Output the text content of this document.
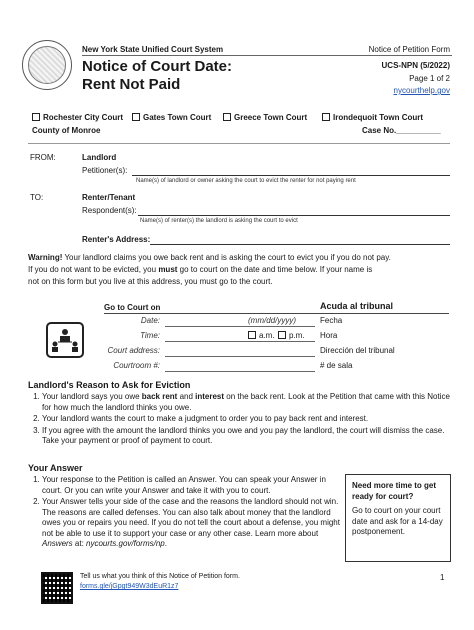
New York State Unified Court System
Notice of Court Date:
Rent Not Paid
Notice of Petition Form
UCS-NPN (5/2022)
Page 1 of 2
nycourthelp.gov
Rochester City Court	Gates Town Court	Greece Town Court	Irondequoit Town Court
County of Monroe	Case No.__________
FROM:	Landlord
Petitioner(s):
Name(s) of landlord or owner asking the court to evict the renter for not paying rent
TO:	Renter/Tenant
Respondent(s):
Name(s) of renter(s) the landlord is asking the court to evict
Renter's Address:
Warning! Your landlord claims you owe back rent and is asking the court to evict you if you do not pay.
If you do not want to be evicted, you must go to court on the date and time below. If your name is
not on this form but you live at this address, you must go to the court.
Go to Court on	Acuda al tribunal
Date:	(mm/dd/yyyy)	Fecha
Time:	a.m.	p.m. Hora
Court address:	Dirección del tribunal
Courtroom #:	# de sala
Landlord's Reason to Ask for Eviction
1. Your landlord says you owe back rent and interest on the back rent. Look at the Petition that came with this Notice for how much the landlord thinks you owe.
2. Your landlord wants the court to make a judgment to order you to pay back rent and interest.
3. If you agree with the amount the landlord thinks you owe and you pay the landlord, the court will dismiss the case. Take your payment or proof of payment to court.
Your Answer
1. Your response to the Petition is called an Answer. You can speak your Answer in court. Or you can write your Answer and take it with you to court.
2. Your Answer tells your side of the case and the reasons the landlord should not win. The reasons are called defenses. You can also talk about money that the landlord owes you or repairs you need. If you do not tell the court about a defense, you might not be able to use it to support your case or any other case. Learn more about Answers at: nycourts.gov/forms/np.
Need more time to get ready for court?
Go to court on your court date and ask for a 14-day postponement.
Tell us what you think of this Notice of Petition form.
forms.gle/jGpgt949W3dEuR1z7
1
